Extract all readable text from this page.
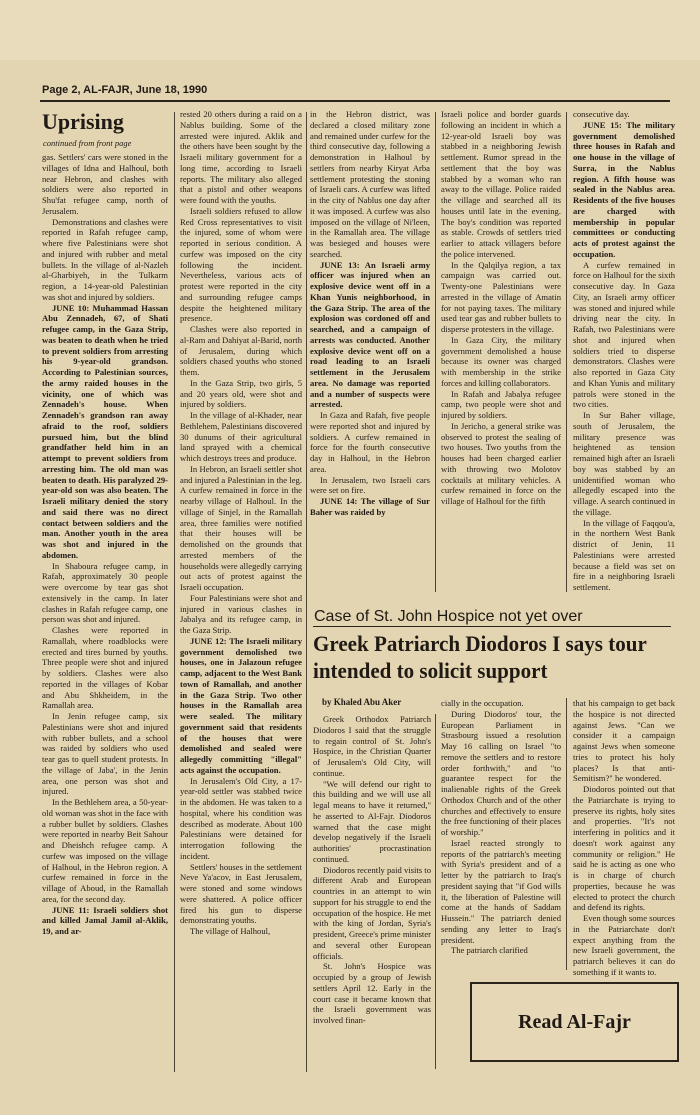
Page 2, AL-FAJR, June 18, 1990
Uprising
continued from front page

gas. Settlers' cars were stoned in the villages of Idna and Halhoul, both near Hebron, and clashes with soldiers were also reported in Shu'fat refugee camp, north of Jerusalem.

Demonstrations and clashes were reported in Rafah refugee camp, where five Palestinians were shot and injured with rubber and metal bullets. In the village of al-Nazleh al-Gharbiyeh, in the Tulkarm region, a 14-year-old Palestinian was shot and injured by soldiers.

JUNE 10: Muhammad Hassan Abu Zennadeh, 67, of Shati refugee camp, in the Gaza Strip, was beaten to death when he tried to prevent soldiers from arresting his 9-year-old grandson. According to Palestinian sources, the army raided houses in the vicinity, one of which was Zennadeh's house. When Zennadeh's grandson ran away afraid to the roof, soldiers pursued him, but the blind grandfather held him in an attempt to prevent soldiers from arresting him. The old man was beaten to death. His paralyzed 29-year-old son was also beaten. The Israeli military denied the story and said there was no direct contact between soldiers and the man. Another youth in the area was shot and injured in the abdomen.

In Shaboura refugee camp, in Rafah, approximately 30 people were overcome by tear gas shot extensively in the camp. In later clashes in Rafah refugee camp, one person was shot and injured.

Clashes were reported in Ramallah, where roadblocks were erected and tires burned by youths. Three people were shot and injured by soldiers. Clashes were also reported in the villages of Kobar and Abu Shkheidem, in the Ramallah area.

In Jenin refugee camp, six Palestinians were shot and injured with rubber bullets, and a school was raided by soldiers who used tear gas to quell student protests. In the village of Jaba', in the Jenin area, one person was shot and injured.

In the Bethlehem area, a 50-year-old woman was shot in the face with a rubber bullet by soldiers. Clashes were reported in nearby Beit Sahour and Dheishch refugee camp. A curfew was imposed on the village of Halhoul, in the Hebron region. A curfew remained in force in the village of Aboud, in the Ramallah area, for the second day.

JUNE 11: Israeli soldiers shot and killed Jamal Jamil al-Aklik, 19, and ar-

rested 20 others during a raid on a Nablus building. Some of the arrested were injured. Aklik and the others have been sought by the Israeli military government for a long time, according to Israeli reports. The military also alleged that a pistol and other weapons were found with the youths.

Israeli soldiers refused to allow Red Cross representatives to visit the injured, some of whom were reported in serious condition. A curfew was imposed on the city following the incident. Nevertheless, various acts of protest were reported in the city and surrounding refugee camps despite the heightened military presence.

Clashes were also reported in al-Ram and Dahiyat al-Barid, north of Jerusalem, during which soldiers chased youths who stoned them.

In the Gaza Strip, two girls, 5 and 20 years old, were shot and injured by soldiers.

In the village of al-Khader, near Bethlehem, Palestinians discovered 30 dunums of their agricultural land sprayed with a chemical which destroys trees and produce.

In Hebron, an Israeli settler shot and injured a Palestinian in the leg. A curfew remained in force in the nearby village of Halhoul. In the village of Sinjel, in the Ramallah area, three families were notified that their houses will be demolished on the grounds that arrested members of the households were allegedly carrying out acts of protest against the Israeli occupation.

Four Palestinians were shot and injured in various clashes in Jabalya and its refugee camp, in the Gaza Strip.

JUNE 12: The Israeli military government demolished two houses, one in Jalazoun refugee camp, adjacent to the West Bank town of Ramallah, and another in the Gaza Strip. Two other houses in the Ramallah area were sealed. The military government said that residents of the houses that were demolished and sealed were allegedly committing "illegal" acts against the occupation.

In Jerusalem's Old City, a 17-year-old settler was stabbed twice in the abdomen. He was taken to a hospital, where his condition was described as moderate. About 100 Palestinians were detained for interrogation following the incident.

Settlers' houses in the settlement Neve Ya'acov, in East Jerusalem, were stoned and some windows were shattered. A police officer fired his gun to disperse demonstrating youths.

The village of Halhoul,

in the Hebron district, was declared a closed military zone and remained under curfew for the third consecutive day, following a demonstration in Halhoul by settlers from nearby Kiryat Arba settlement protesting the stoning of Israeli cars. A curfew was lifted in the city of Nablus one day after it was imposed. A curfew was also imposed on the village of Ni'leen, in the Ramallah area. The village was besieged and houses were searched.

JUNE 13: An Israeli army officer was injured when an explosive device went off in a Khan Yunis neighborhood, in the Gaza Strip. The area of the explosion was cordoned off and searched, and a campaign of arrests was conducted. Another explosive device went off on a road leading to an Israeli settlement in the Jerusalem area. No damage was reported and a number of suspects were arrested.

In Gaza and Rafah, five people were reported shot and injured by soldiers. A curfew remained in force for the fourth consecutive day in Halhoul, in the Hebron area.

In Jerusalem, two Israeli cars were set on fire.

JUNE 14: The village of Sur Baher was raided by

Israeli police and border guards following an incident in which a 12-year-old Israeli boy was stabbed in a neighboring Jewish settlement. Rumor spread in the settlement that the boy was stabbed by a woman who ran away to the village. Police raided the village and searched all its houses until late in the evening. The boy's condition was reported as stable. Crowds of settlers tried earlier to attack villagers before the police intervened.

In the Qalqilya region, a tax campaign was carried out. Twenty-one Palestinians were arrested in the village of Amatin for not paying taxes. The military used tear gas and rubber bullets to disperse protesters in the village.

In Gaza City, the military government demolished a house because its owner was charged with membership in the strike forces and killing collaborators.

In Rafah and Jabalya refugee camp, two people were shot and injured by soldiers.

In Jericho, a general strike was observed to protest the sealing of two houses. Two youths from the houses had been charged earlier with throwing two Molotov cocktails at military vehicles. A curfew remained in force on the village of Halhoul for the fifth

consecutive day.

JUNE 15: The military government demolished three houses in Rafah and one house in the village of Surra, in the Nablus region. A fifth house was sealed in the Nablus area. Residents of the five houses are charged with membership in popular committees or conducting acts of protest against the occupation.

A curfew remained in force on Halhoul for the sixth consecutive day. In Gaza City, an Israeli army officer was stoned and injured while driving near the city. In Rafah, two Palestinians were shot and injured when soldiers tried to disperse demonstrators. Clashes were also reported in Gaza City and Khan Yunis and military patrols were stoned in the two cities.

In Sur Baher village, south of Jerusalem, the military presence was heightened as tension remained high after an Israeli boy was stabbed by an unidentified woman who allegedly escaped into the village. A search continued in the village.

In the village of Faqqou'a, in the northern West Bank district of Jenin, 11 Palestinians were arrested because a field was set on fire in a neighboring Israeli settlement.

Case of St. John Hospice not yet over
Greek Patriarch Diodoros I says tour intended to solicit support
by Khaled Abu Aker

Greek Orthodox Patriarch Diodoros I said that the struggle to regain control of St. John's Hospice, in the Christian Quarter of Jerusalem's Old City, will continue.

"We will defend our right to this building and we will use all legal means to have it returned," he asserted to Al-Fajr. Diodoros warned that the case might develop negatively if the Israeli authorities' procrastination continued.

Diodoros recently paid visits to different Arab and European countries in an attempt to win support for his struggle to end the occupation of the hospice. He met with the king of Jordan, Syria's president, Greece's prime minister and several other European officials.

St. John's Hospice was occupied by a group of Jewish settlers April 12. Early in the court case it became known that the Israeli government was involved finan-

cially in the occupation.

During Diodoros' tour, the European Parliament in Strasbourg issued a resolution May 16 calling on Israel "to remove the settlers and to restore order forthwith," and "to guarantee respect for the inalienable rights of the Greek Orthodox Church and of the other churches and effectively to ensure the free functioning of their places of worship."

Israel reacted strongly to reports of the patriarch's meeting with Syria's president and of a letter by the patriarch to Iraq's president saying that "if God wills it, the liberation of Palestine will come at the hands of Saddam Hussein." The patriarch denied sending any letter to Iraq's president.

The patriarch clarified

that his campaign to get back the hospice is not directed against Jews. "Can we consider it a campaign against Jews when someone tries to protect his holy places? Is that anti-Semitism?" he wondered.

Diodoros pointed out that the Patriarchate is trying to preserve its rights, holy sites and properties. "It's not interfering in politics and it doesn't work against any community or religion." He said he is acting as one who is in charge of church properties, because he was elected to protect the church and defend its rights.

Even though some sources in the Patriarchate don't expect anything from the new Israeli government, the patriarch believes it can do something if it wants to.

Read Al-Fajr
